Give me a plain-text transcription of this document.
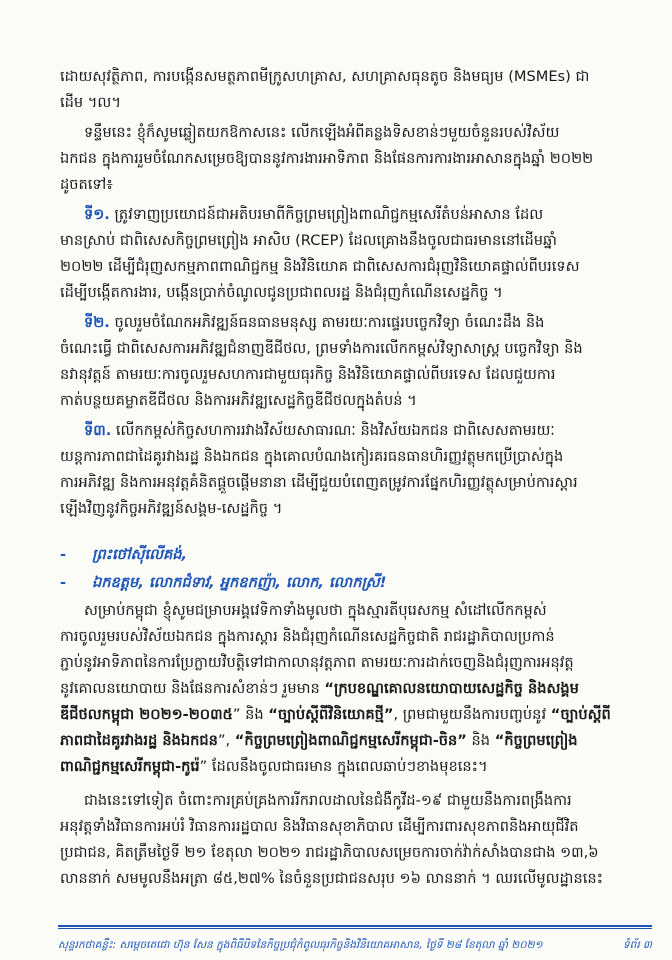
ដោយសុវត្ថិភាព, ការបង្កើនសមត្ថភាពមីក្រូសហគ្រាស, សហគ្រាសធុនតូច និងមធ្យម (MSMEs) ជា
ដើម ។ល។
ទន្ទឹមនេះ ខ្ញុំក៏សូមឆ្លៀតយកឱកាសនេះ លើកឡើងអំពីគន្លងទិសខាន់ៗមួយចំនួនរបស់វិស័យ
ឯកជន ក្នុងការរួមចំណែកសម្រេចឱ្យបាននូវការងារអាទិភាព និងផែនការការងារអាសានក្នុងឆ្នាំ ២០២២
ដូចតទៅ៖
ទី១. ត្រូវទាញប្រយោជន៍ជាអតិបរមាពីកិច្ចព្រមព្រៀងពាណិជ្ជកម្មសេរីតំបន់អាសាន ដែល
មានស្រាប់ ជាពិសេសកិច្ចព្រមព្រៀង អាសិប (RCEP) ដែលគ្រោងនឹងចូលជាធរមាននៅដើមឆ្នាំ
២០២២ ដើម្បីជំរុញសកម្មភាពពាណិជ្ជកម្ម និងវិនិយោគ ជាពិសេសការជំរុញវិនិយោគផ្ទាល់ពីបរទេស
ដើម្បីបង្កើតការងារ, បង្កើនប្រាក់ចំណូលជូនប្រជាពលរដ្ឋ និងជំរុញកំណើនសេដ្ឋកិច្ច ។
ទី២. ចូលរួមចំណែកអភិវឌ្ឍន៍ធនធានមនុស្ស តាមរយៈការផ្ទេរបច្ចេកវិទ្យា ចំណេះដឹង និង
ចំណេះធ្វើ ជាពិសេសការអភិវឌ្ឍជំនាញឌីជីថល, ព្រមទាំងការលើកកម្ពស់វិទ្យាសាស្ត្រ បច្ចេកវិទ្យា និង
នវានុវត្តន៍ តាមរយៈការចូលរួមសហការជាមួយធុរកិច្ច និងវិនិយោគផ្ទាល់ពីបរទេស ដែលជួយការ
កាត់បន្ថយគម្លាតឌីជីថល និងការអភិវឌ្ឍសេដ្ឋកិច្ចឌីជីថលក្នុងតំបន់ ។
ទី៣. លើកកម្ពស់កិច្ចសហការរវាងវិស័យសាធារណៈ និងវិស័យឯកជន ជាពិសេសតាមរយៈ
យន្តការភាពជាដៃគូរវាងរដ្ឋ និងឯកជន ក្នុងគោលបំណងកៀរគរធនធានហិរញ្ញវត្ថុមកប្រើប្រាស់ក្នុង
ការអភិវឌ្ឍ និងការអនុវត្តគំនិតផ្តួចផ្តើមនានា ដើម្បីជួយបំពេញតម្រូវការផ្នែកហិរញ្ញវត្ថុសម្រាប់ការស្តារ
ឡើងវិញនូវកិច្ចអភិវឌ្ឍន៍សង្គម-សេដ្ឋកិច្ច ។
- ព្រះថៅស៊ីលើគង់,
- ឯកឧត្តម, លោកជំទាវ, អ្នកឧកញ៉ា, លោក, លោកស្រី!
សម្រាប់កម្ពុជា ខ្ញុំសូមជម្រាបអង្គវេទិកាទាំងមូលថា ក្នុងស្មារតីបុរេសកម្ម សំដៅលើកកម្ពស់
ការចូលរួមរបស់វិស័យឯកជន ក្នុងការស្តារ និងជំរុញកំណើនសេដ្ឋកិច្ចជាតិ រាជរដ្ឋាភិបាលប្រកាន់
ភ្ជាប់នូវអាទិភាពនៃការប្រែក្លាយវិបត្តិទៅជាកាលានុវត្តភាព តាមរយៈការដាក់ចេញនិងជំរុញការអនុវត្ត
នូវគោលនយោបាយ និងផែនការសំខាន់ៗ រួមមាន “ក្របខណ្ឌគោលនយោបាយសេដ្ឋកិច្ច និងសង្គម
ឌីជីថលកម្ពុជា ២០២១-២០៣៥” និង “ច្បាប់ស្តីពីវិនិយោគថ្មី”, ព្រមជាមួយនឹងការបញ្ចប់នូវ “ច្បាប់ស្តីពី
ភាពជាដៃគូរវាងរដ្ឋ និងឯកជន”, “កិច្ចព្រមព្រៀងពាណិជ្ជកម្មសេរីកម្ពុជា-ចិន” និង “កិច្ចព្រមព្រៀង
ពាណិជ្ជកម្មសេរីកម្ពុជា-កូរ៉េ” ដែលនឹងចូលជាធរមាន ក្នុងពេលឆាប់ៗខាងមុខនេះ។
ជាងនេះទៅទៀត ចំពោះការគ្រប់គ្រងការរីករាលដាលនៃជំងឺកូវីដ-១៩ ជាមួយនឹងការពង្រឹងការ
អនុវត្តទាំងវិធានការអប់រំ វិធានការរដ្ឋបាល និងវិធានសុខាភិបាល ដើម្បីការពារសុខភាពនិងអាយុជីវិត
ប្រជាជន, គិតត្រឹមថ្ងៃទី ២១ ខែតុលា ២០២១ រាជរដ្ឋាភិបាលសម្រេចការចាក់វ៉ាក់សាំងបានជាង ១៣,៦
លាននាក់ សមមូលនឹងអត្រា ៨៥,២៧% នៃចំនួនប្រជាជនសរុប ១៦ លាននាក់ ។ ឈរលើមូលដ្ឋាននេះ
សុន្ទរកថាគន្លឹះ: សម្តេចតេជោ ហ៊ុន សែន ក្នុងពិធីបិទនៃកិច្ចប្រជុំកំពូលធុរកិច្ចនិងវិនិយោគអាសាន, ថ្ងៃទី ២៨ ខែតុលា ឆ្នាំ ២០២១	ទំព័រ ៣
